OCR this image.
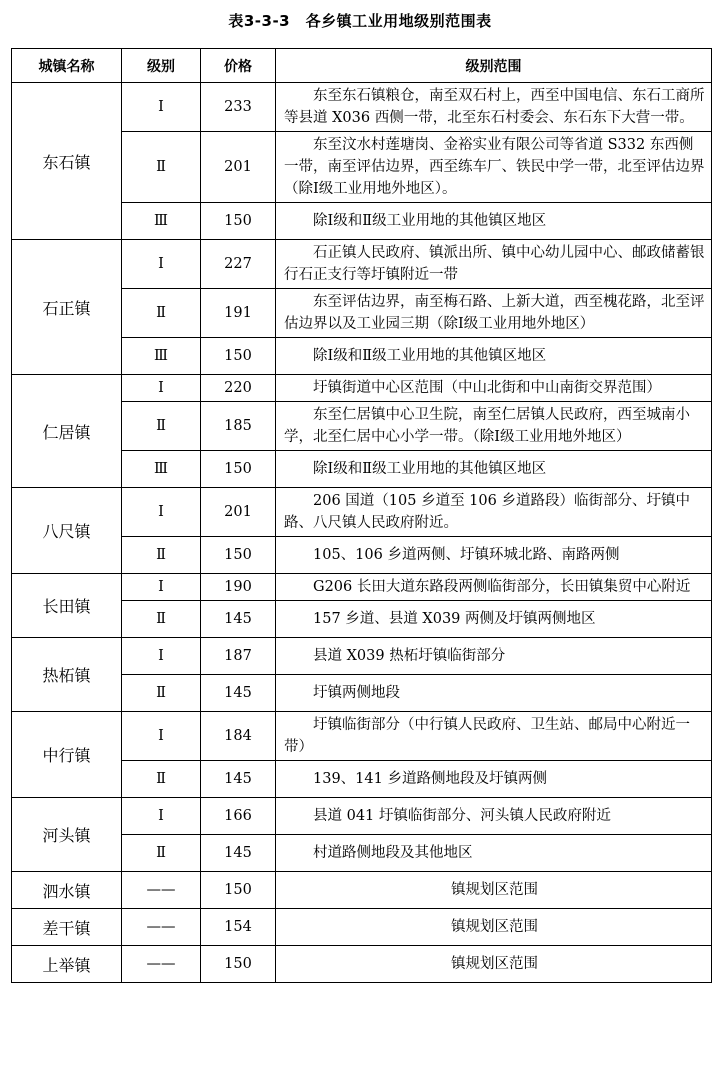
表3-3-3　各乡镇工业用地级别范围表
城镇名称	级别	价格	级别范围
东石镇	Ⅰ	233	东至东石镇粮仓，南至双石村上，西至中国电信、东石工商所等县道 X036 西侧一带，北至东石村委会、东石东下大营一带。
	Ⅱ	201	东至汶水村莲塘岗、金裕实业有限公司等省道 S332 东西侧一带，南至评估边界，西至练车厂、铁民中学一带，北至评估边界（除Ⅰ级工业用地外地区）。
	Ⅲ	150	除Ⅰ级和Ⅱ级工业用地的其他镇区地区
石正镇	Ⅰ	227	石正镇人民政府、镇派出所、镇中心幼儿园中心、邮政储蓄银行石正支行等圩镇附近一带
	Ⅱ	191	东至评估边界，南至梅石路、上新大道，西至槐花路，北至评估边界以及工业园三期（除Ⅰ级工业用地外地区）
	Ⅲ	150	除Ⅰ级和Ⅱ级工业用地的其他镇区地区
仁居镇	Ⅰ	220	圩镇街道中心区范围（中山北街和中山南街交界范围）
	Ⅱ	185	东至仁居镇中心卫生院，南至仁居镇人民政府，西至城南小学，北至仁居中心小学一带。（除Ⅰ级工业用地外地区）
	Ⅲ	150	除Ⅰ级和Ⅱ级工业用地的其他镇区地区
八尺镇	Ⅰ	201	206 国道（105 乡道至 106 乡道路段）临街部分、圩镇中路、八尺镇人民政府附近。
	Ⅱ	150	105、106 乡道两侧、圩镇环城北路、南路两侧
长田镇	Ⅰ	190	G206 长田大道东路段两侧临街部分，长田镇集贸中心附近
	Ⅱ	145	157 乡道、县道 X039 两侧及圩镇两侧地区
热柘镇	Ⅰ	187	县道 X039 热柘圩镇临街部分
	Ⅱ	145	圩镇两侧地段
中行镇	Ⅰ	184	圩镇临街部分（中行镇人民政府、卫生站、邮局中心附近一带）
	Ⅱ	145	139、141 乡道路侧地段及圩镇两侧
河头镇	Ⅰ	166	县道 041 圩镇临街部分、河头镇人民政府附近
	Ⅱ	145	村道路侧地段及其他地区
泗水镇	——	150	镇规划区范围
差干镇	——	154	镇规划区范围
上举镇	——	150	镇规划区范围
